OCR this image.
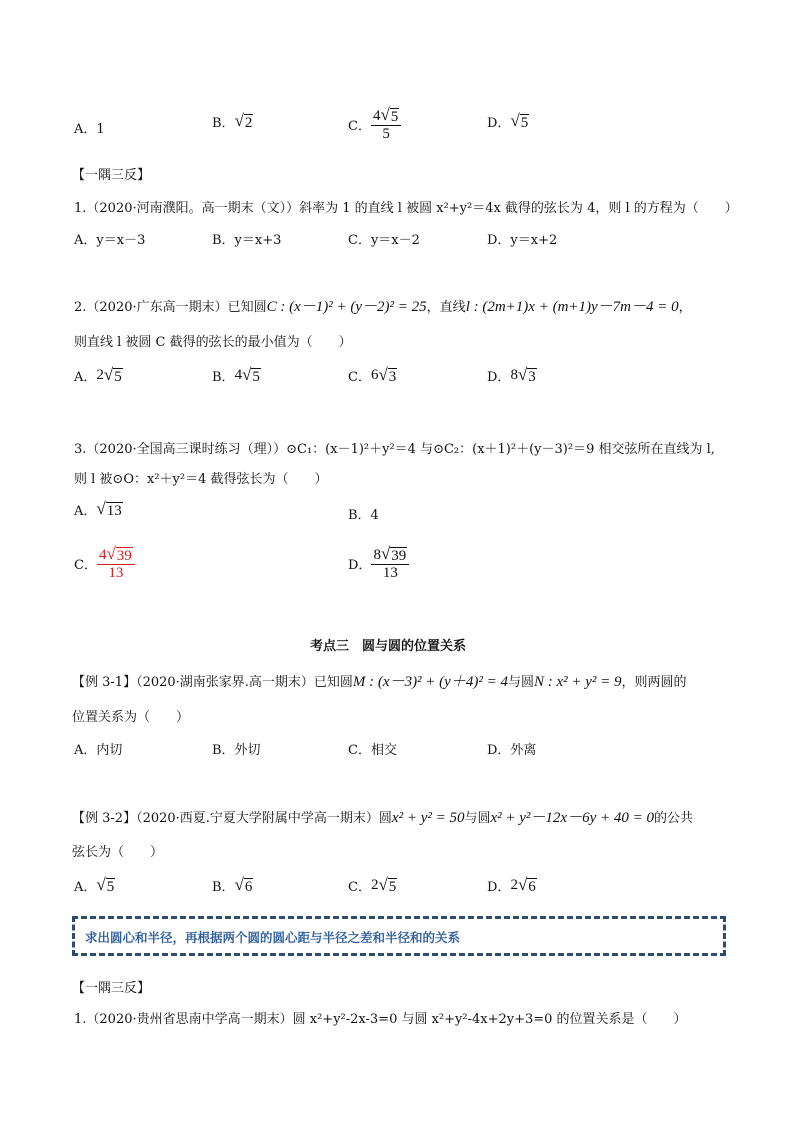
A．1	B． √ 2	C． $\frac{4 √ 5}{5}$	D． √ 5
【一隅三反】
1.（2020·河南濮阳。高一期末（文））斜率为 1 的直线 l 被圆 x²+y²＝4x 截得的弦长为 4，则 l 的方程为（　　）
A．y＝x－3	B．y＝x+3	C．y＝x－2	D．y＝x+2
2.（2020·广东高一期末）已知圆C : (x－1)² + (y－2)² = 25，直线l : (2m+1)x + (m+1)y－7m－4 = 0，
则直线 l 被圆 C 截得的弦长的最小值为（　　）
A． 2 √ 5	B． 4 √ 5	C． 6 √ 3	D． 8 √ 3
3.（2020·全国高三课时练习（理））⊙C₁：(x－1)²＋y²＝4 与⊙C₂：(x＋1)²＋(y－3)²＝9 相交弦所在直线为 l,
则 l 被⊙O：x²＋y²＝4 截得弦长为（　　）
A． √ 13	B．4
C． $\frac{4 √ 39}{13}$	D． $\frac{8 √ 39}{13}$
考点三　圆与圆的位置关系
【例 3-1】（2020·湖南张家界.高一期末）已知圆M : (x－3)² + (y＋4)² = 4与圆N : x² + y² = 9，则两圆的
位置关系为（　　）
A．内切	B．外切	C．相交	D．外离
【例 3-2】（2020·西夏.宁夏大学附属中学高一期末）圆x² + y² = 50与圆x² + y²－12x－6y + 40 = 0的公共
弦长为（　　）
A． √ 5	B． √ 6	C． 2 √ 5	D． 2 √ 6
求出圆心和半径，再根据两个圆的圆心距与半径之差和半径和的关系
【一隅三反】
1.（2020·贵州省思南中学高一期末）圆 x²+y²-2x-3=0 与圆 x²+y²-4x+2y+3=0 的位置关系是（　　）
